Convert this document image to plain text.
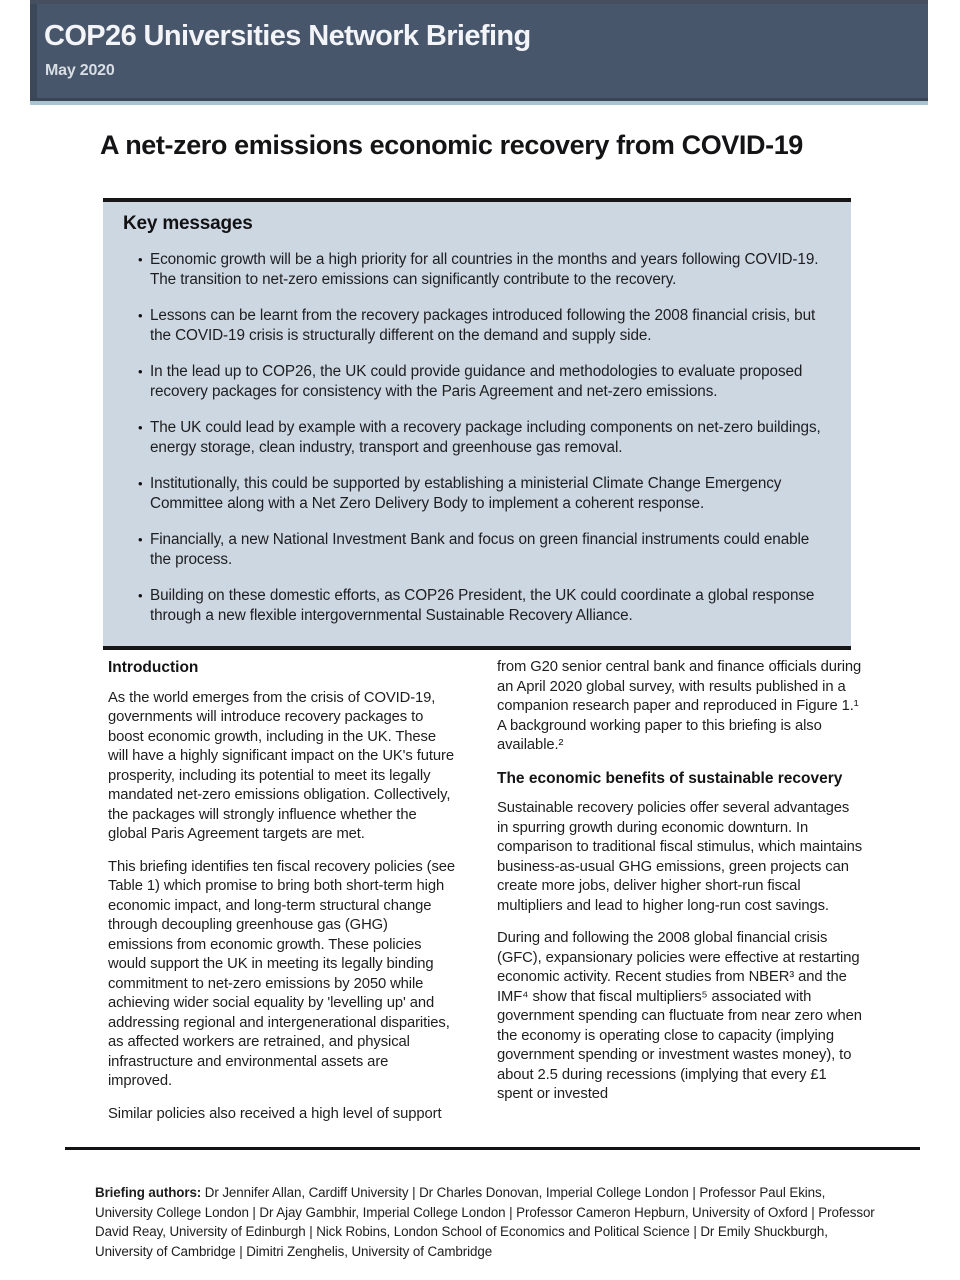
COP26 Universities Network Briefing
May 2020
A net-zero emissions economic recovery from COVID-19
Key messages
• Economic growth will be a high priority for all countries in the months and years following COVID-19. The transition to net-zero emissions can significantly contribute to the recovery.
• Lessons can be learnt from the recovery packages introduced following the 2008 financial crisis, but the COVID-19 crisis is structurally different on the demand and supply side.
• In the lead up to COP26, the UK could provide guidance and methodologies to evaluate proposed recovery packages for consistency with the Paris Agreement and net-zero emissions.
• The UK could lead by example with a recovery package including components on net-zero buildings, energy storage, clean industry, transport and greenhouse gas removal.
• Institutionally, this could be supported by establishing a ministerial Climate Change Emergency Committee along with a Net Zero Delivery Body to implement a coherent response.
• Financially, a new National Investment Bank and focus on green financial instruments could enable the process.
• Building on these domestic efforts, as COP26 President, the UK could coordinate a global response through a new flexible intergovernmental Sustainable Recovery Alliance.
Introduction

As the world emerges from the crisis of COVID-19, governments will introduce recovery packages to boost economic growth, including in the UK. These will have a highly significant impact on the UK's future prosperity, including its potential to meet its legally mandated net-zero emissions obligation. Collectively, the packages will strongly influence whether the global Paris Agreement targets are met.

This briefing identifies ten fiscal recovery policies (see Table 1) which promise to bring both short-term high economic impact, and long-term structural change through decoupling greenhouse gas (GHG) emissions from economic growth. These policies would support the UK in meeting its legally binding commitment to net-zero emissions by 2050 while achieving wider social equality by 'levelling up' and addressing regional and intergenerational disparities, as affected workers are retrained, and physical infrastructure and environmental assets are improved.

Similar policies also received a high level of support

from G20 senior central bank and finance officials during an April 2020 global survey, with results published in a companion research paper and reproduced in Figure 1.¹ A background working paper to this briefing is also available.²

The economic benefits of sustainable recovery

Sustainable recovery policies offer several advantages in spurring growth during economic downturn. In comparison to traditional fiscal stimulus, which maintains business-as-usual GHG emissions, green projects can create more jobs, deliver higher short-run fiscal multipliers and lead to higher long-run cost savings.

During and following the 2008 global financial crisis (GFC), expansionary policies were effective at restarting economic activity. Recent studies from NBER³ and the IMF⁴ show that fiscal multipliers⁵ associated with government spending can fluctuate from near zero when the economy is operating close to capacity (implying government spending or investment wastes money), to about 2.5 during recessions (implying that every £1 spent or invested

Briefing authors: Dr Jennifer Allan, Cardiff University | Dr Charles Donovan, Imperial College London | Professor Paul Ekins, University College London | Dr Ajay Gambhir, Imperial College London | Professor Cameron Hepburn, University of Oxford | Professor David Reay, University of Edinburgh | Nick Robins, London School of Economics and Political Science | Dr Emily Shuckburgh, University of Cambridge | Dimitri Zenghelis, University of Cambridge
